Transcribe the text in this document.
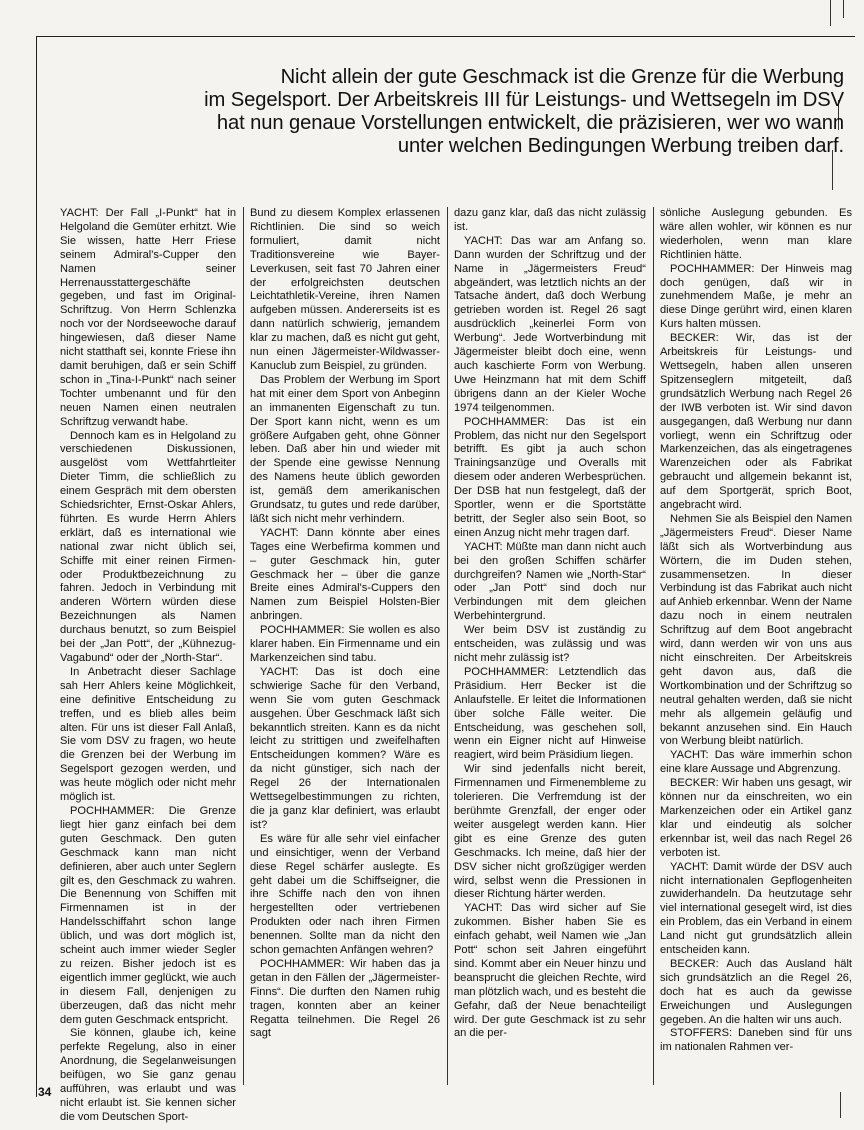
Nicht allein der gute Geschmack ist die Grenze für die Werbung
im Segelsport. Der Arbeitskreis III für Leistungs- und Wettsegeln im DSV
hat nun genaue Vorstellungen entwickelt, die präzisieren, wer wo wann
unter welchen Bedingungen Werbung treiben darf.

YACHT: Der Fall „I-Punkt“ hat in Helgoland die Gemüter erhitzt. Wie Sie wissen, hatte Herr Friese seinem Admiral's-Cupper den Namen seiner Herrenausstattergeschäfte gegeben, und fast im Original-Schriftzug. Von Herrn Schlenzka noch vor der Nordseewoche darauf hingewiesen, daß dieser Name nicht statthaft sei, konnte Friese ihn damit beruhigen, daß er sein Schiff schon in „Tina-I-Punkt“ nach seiner Tochter umbenannt und für den neuen Namen einen neutralen Schriftzug verwandt habe.

Dennoch kam es in Helgoland zu verschiedenen Diskussionen, ausgelöst vom Wettfahrtleiter Dieter Timm, die schließlich zu einem Gespräch mit dem obersten Schiedsrichter, Ernst-Oskar Ahlers, führten. Es wurde Herrn Ahlers erklärt, daß es international wie national zwar nicht üblich sei, Schiffe mit einer reinen Firmen- oder Produktbezeichnung zu fahren. Jedoch in Verbindung mit anderen Wörtern würden diese Bezeichnungen als Namen durchaus benutzt, so zum Beispiel bei der „Jan Pott“, der „Kühnezug-Vagabund“ oder der „North-Star“.

In Anbetracht dieser Sachlage sah Herr Ahlers keine Möglichkeit, eine definitive Entscheidung zu treffen, und es blieb alles beim alten. Für uns ist dieser Fall Anlaß, Sie vom DSV zu fragen, wo heute die Grenzen bei der Werbung im Segelsport gezogen werden, und was heute möglich oder nicht mehr möglich ist.

POCHHAMMER: Die Grenze liegt hier ganz einfach bei dem guten Geschmack. Den guten Geschmack kann man nicht definieren, aber auch unter Seglern gilt es, den Geschmack zu wahren. Die Benennung von Schiffen mit Firmennamen ist in der Handelsschiffahrt schon lange üblich, und was dort möglich ist, scheint auch immer wieder Segler zu reizen. Bisher jedoch ist es eigentlich immer geglückt, wie auch in diesem Fall, denjenigen zu überzeugen, daß das nicht mehr dem guten Geschmack entspricht.

Sie können, glaube ich, keine perfekte Regelung, also in einer Anordnung, die Segelanweisungen beifügen, wo Sie ganz genau aufführen, was erlaubt und was nicht erlaubt ist. Sie kennen sicher die vom Deutschen Sport-

Bund zu diesem Komplex erlassenen Richtlinien. Die sind so weich formuliert, damit nicht Traditionsvereine wie Bayer-Leverkusen, seit fast 70 Jahren einer der erfolgreichsten deutschen Leichtathletik-Vereine, ihren Namen aufgeben müssen. Andererseits ist es dann natürlich schwierig, jemandem klar zu machen, daß es nicht gut geht, nun einen Jägermeister-Wildwasser-Kanuclub zum Beispiel, zu gründen.

Das Problem der Werbung im Sport hat mit einer dem Sport von Anbeginn an immanenten Eigenschaft zu tun. Der Sport kann nicht, wenn es um größere Aufgaben geht, ohne Gönner leben. Daß aber hin und wieder mit der Spende eine gewisse Nennung des Namens heute üblich geworden ist, gemäß dem amerikanischen Grundsatz, tu gutes und rede darüber, läßt sich nicht mehr verhindern.

YACHT: Dann könnte aber eines Tages eine Werbefirma kommen und – guter Geschmack hin, guter Geschmack her – über die ganze Breite eines Admiral's-Cuppers den Namen zum Beispiel Holsten-Bier anbringen.

POCHHAMMER: Sie wollen es also klarer haben. Ein Firmenname und ein Markenzeichen sind tabu.

YACHT: Das ist doch eine schwierige Sache für den Verband, wenn Sie vom guten Geschmack ausgehen. Über Geschmack läßt sich bekanntlich streiten. Kann es da nicht leicht zu strittigen und zweifelhaften Entscheidungen kommen? Wäre es da nicht günstiger, sich nach der Regel 26 der Internationalen Wettsegelbestimmungen zu richten, die ja ganz klar definiert, was erlaubt ist?

Es wäre für alle sehr viel einfacher und einsichtiger, wenn der Verband diese Regel schärfer auslegte. Es geht dabei um die Schiffseigner, die ihre Schiffe nach den von ihnen hergestellten oder vertriebenen Produkten oder nach ihren Firmen benennen. Sollte man da nicht den schon gemachten Anfängen wehren?

POCHHAMMER: Wir haben das ja getan in den Fällen der „Jägermeister-Finns“. Die durften den Namen ruhig tragen, konnten aber an keiner Regatta teilnehmen. Die Regel 26 sagt

dazu ganz klar, daß das nicht zulässig ist.

YACHT: Das war am Anfang so. Dann wurden der Schriftzug und der Name in „Jägermeisters Freud“ abgeändert, was letztlich nichts an der Tatsache ändert, daß doch Werbung getrieben worden ist. Regel 26 sagt ausdrücklich „keinerlei Form von Werbung“. Jede Wortverbindung mit Jägermeister bleibt doch eine, wenn auch kaschierte Form von Werbung. Uwe Heinzmann hat mit dem Schiff übrigens dann an der Kieler Woche 1974 teilgenommen.

POCHHAMMER: Das ist ein Problem, das nicht nur den Segelsport betrifft. Es gibt ja auch schon Trainingsanzüge und Overalls mit diesem oder anderen Werbesprüchen. Der DSB hat nun festgelegt, daß der Sportler, wenn er die Sportstätte betritt, der Segler also sein Boot, so einen Anzug nicht mehr tragen darf.

YACHT: Müßte man dann nicht auch bei den großen Schiffen schärfer durchgreifen? Namen wie „North-Star“ oder „Jan Pott“ sind doch nur Verbindungen mit dem gleichen Werbehintergrund.

Wer beim DSV ist zuständig zu entscheiden, was zulässig und was nicht mehr zulässig ist?

POCHHAMMER: Letztendlich das Präsidium. Herr Becker ist die Anlaufstelle. Er leitet die Informationen über solche Fälle weiter. Die Entscheidung, was geschehen soll, wenn ein Eigner nicht auf Hinweise reagiert, wird beim Präsidium liegen.

Wir sind jedenfalls nicht bereit, Firmennamen und Firmenembleme zu tolerieren. Die Verfremdung ist der berühmte Grenzfall, der enger oder weiter ausgelegt werden kann. Hier gibt es eine Grenze des guten Geschmacks. Ich meine, daß hier der DSV sicher nicht großzügiger werden wird, selbst wenn die Pressionen in dieser Richtung härter werden.

YACHT: Das wird sicher auf Sie zukommen. Bisher haben Sie es einfach gehabt, weil Namen wie „Jan Pott“ schon seit Jahren eingeführt sind. Kommt aber ein Neuer hinzu und beansprucht die gleichen Rechte, wird man plötzlich wach, und es besteht die Gefahr, daß der Neue benachteiligt wird. Der gute Geschmack ist zu sehr an die per-

sönliche Auslegung gebunden. Es wäre allen wohler, wir können es nur wiederholen, wenn man klare Richtlinien hätte.

POCHHAMMER: Der Hinweis mag doch genügen, daß wir in zunehmendem Maße, je mehr an diese Dinge gerührt wird, einen klaren Kurs halten müssen.

BECKER: Wir, das ist der Arbeitskreis für Leistungs- und Wettsegeln, haben allen unseren Spitzenseglern mitgeteilt, daß grundsätzlich Werbung nach Regel 26 der IWB verboten ist. Wir sind davon ausgegangen, daß Werbung nur dann vorliegt, wenn ein Schriftzug oder Markenzeichen, das als eingetragenes Warenzeichen oder als Fabrikat gebraucht und allgemein bekannt ist, auf dem Sportgerät, sprich Boot, angebracht wird.

Nehmen Sie als Beispiel den Namen „Jägermeisters Freud“. Dieser Name läßt sich als Wortverbindung aus Wörtern, die im Duden stehen, zusammensetzen. In dieser Verbindung ist das Fabrikat auch nicht auf Anhieb erkennbar. Wenn der Name dazu noch in einem neutralen Schriftzug auf dem Boot angebracht wird, dann werden wir von uns aus nicht einschreiten. Der Arbeitskreis geht davon aus, daß die Wortkombination und der Schriftzug so neutral gehalten werden, daß sie nicht mehr als allgemein geläufig und bekannt anzusehen sind. Ein Hauch von Werbung bleibt natürlich.

YACHT: Das wäre immerhin schon eine klare Aussage und Abgrenzung.

BECKER: Wir haben uns gesagt, wir können nur da einschreiten, wo ein Markenzeichen oder ein Artikel ganz klar und eindeutig als solcher erkennbar ist, weil das nach Regel 26 verboten ist.

YACHT: Damit würde der DSV auch nicht internationalen Gepflogenheiten zuwiderhandeln. Da heutzutage sehr viel international gesegelt wird, ist dies ein Problem, das ein Verband in einem Land nicht gut grundsätzlich allein entscheiden kann.

BECKER: Auch das Ausland hält sich grundsätzlich an die Regel 26, doch hat es auch da gewisse Erweichungen und Auslegungen gegeben. An die halten wir uns auch.

STOFFERS: Daneben sind für uns im nationalen Rahmen ver-

34
